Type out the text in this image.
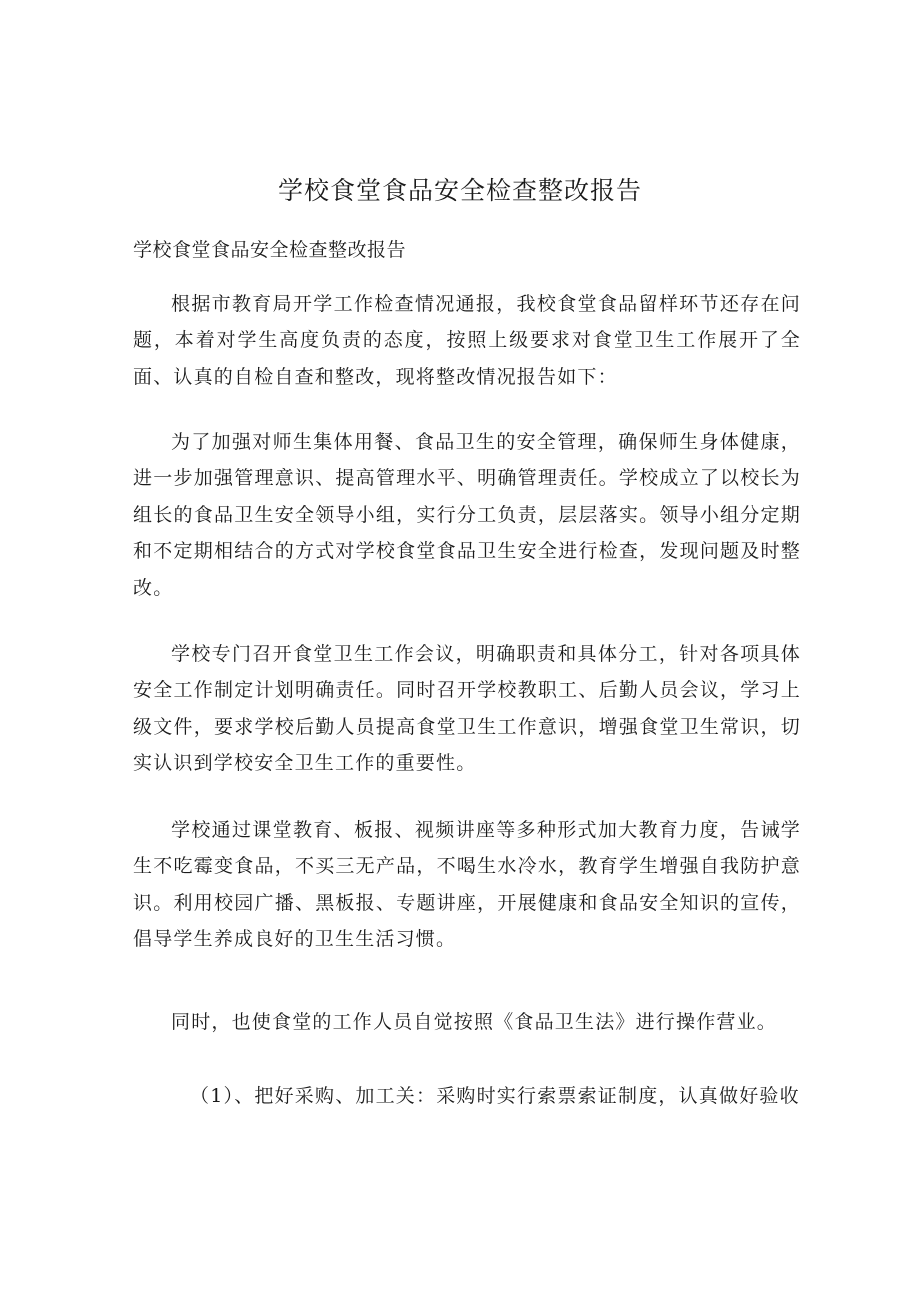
学校食堂食品安全检查整改报告

学校食堂食品安全检查整改报告

根据市教育局开学工作检查情况通报，我校食堂食品留样环节还存在问题，本着对学生高度负责的态度，按照上级要求对食堂卫生工作展开了全面、认真的自检自查和整改，现将整改情况报告如下：

为了加强对师生集体用餐、食品卫生的安全管理，确保师生身体健康，进一步加强管理意识、提高管理水平、明确管理责任。学校成立了以校长为组长的食品卫生安全领导小组，实行分工负责，层层落实。领导小组分定期和不定期相结合的方式对学校食堂食品卫生安全进行检查，发现问题及时整改。

学校专门召开食堂卫生工作会议，明确职责和具体分工，针对各项具体安全工作制定计划明确责任。同时召开学校教职工、后勤人员会议，学习上级文件，要求学校后勤人员提高食堂卫生工作意识，增强食堂卫生常识，切实认识到学校安全卫生工作的重要性。

学校通过课堂教育、板报、视频讲座等多种形式加大教育力度，告诫学生不吃霉变食品，不买三无产品，不喝生水冷水，教育学生增强自我防护意识。利用校园广播、黑板报、专题讲座，开展健康和食品安全知识的宣传，倡导学生养成良好的卫生生活习惯。

同时，也使食堂的工作人员自觉按照《食品卫生法》进行操作营业。

（1）、把好采购、加工关：采购时实行索票索证制度，认真做好验收
